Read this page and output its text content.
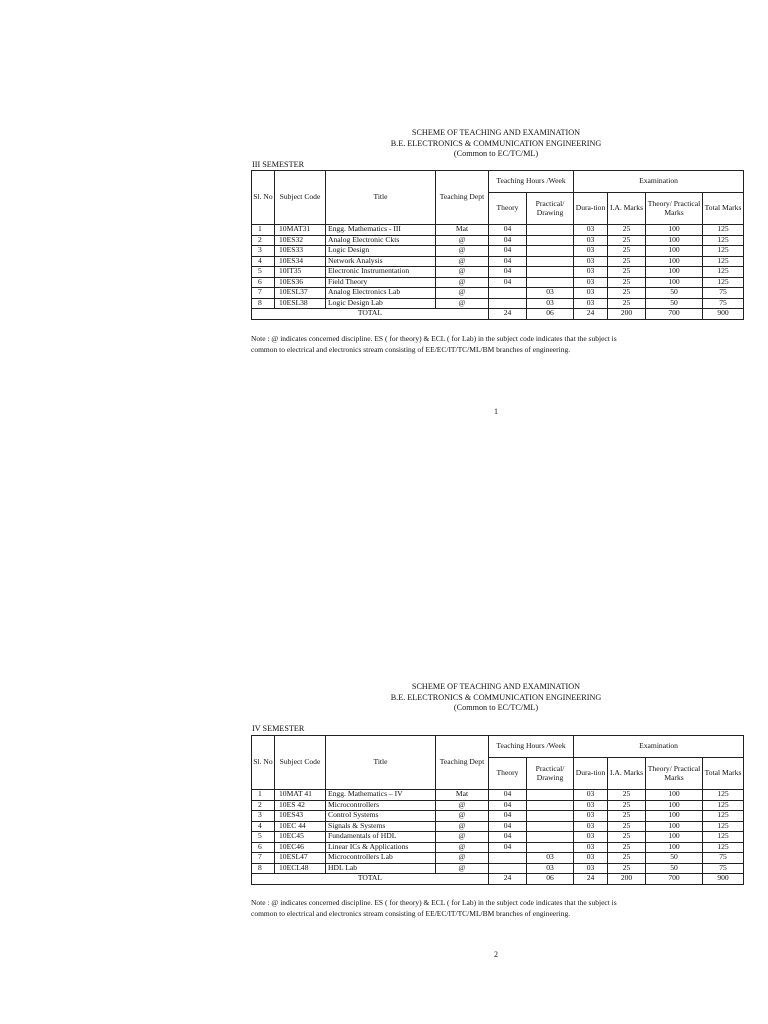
SCHEME OF TEACHING AND EXAMINATION
B.E. ELECTRONICS & COMMUNICATION ENGINEERING
(Common to EC/TC/ML)
III SEMESTER
Sl. No	Subject Code	Title	Teaching Dept	Teaching Hours /Week		Examination			
				Theory	Practical/ Drawing	Dura-tion	I.A. Marks	Theory/ Practical Marks	Total Marks
1	10MAT31	Engg. Mathematics - III	Mat	04		03	25	100	125
2	10ES32	Analog Electronic Ckts	@	04		03	25	100	125
3	10ES33	Logic Design	@	04		03	25	100	125
4	10ES34	Network Analysis	@	04		03	25	100	125
5	10IT35	Electronic Instrumentation	@	04		03	25	100	125
6	10ES36	Field Theory	@	04		03	25	100	125
7	10ESL37	Analog Electronics Lab	@		03	03	25	50	75
8	10ESL38	Logic Design Lab	@		03	03	25	50	75
TOTAL				24	06	24	200	700	900
Note : @ indicates concerned discipline. ES ( for theory) & ECL ( for Lab) in the subject code indicates that the subject is
common to electrical and electronics stream consisting of EE/EC/IT/TC/ML/BM branches of engineering.
1
SCHEME OF TEACHING AND EXAMINATION
B.E. ELECTRONICS & COMMUNICATION ENGINEERING
(Common to EC/TC/ML)
IV SEMESTER
Sl. No	Subject Code	Title	Teaching Dept	Teaching Hours /Week		Examination			
				Theory	Practical/ Drawing	Dura-tion	I.A. Marks	Theory/ Practical Marks	Total Marks
1	10MAT 41	Engg. Mathematics – IV	Mat	04		03	25	100	125
2	10ES 42	Microcontrollers	@	04		03	25	100	125
3	10ES43	Control Systems	@	04		03	25	100	125
4	10EC 44	Signals & Systems	@	04		03	25	100	125
5	10EC45	Fundamentals of HDL	@	04		03	25	100	125
6	10EC46	Linear ICs & Applications	@	04		03	25	100	125
7	10ESL47	Microcontrollers Lab	@		03	03	25	50	75
8	10ECL48	HDL Lab	@		03	03	25	50	75
TOTAL				24	06	24	200	700	900
Note : @ indicates concerned discipline. ES ( for theory) & ECL ( for Lab) in the subject code indicates that the subject is
common to electrical and electronics stream consisting of EE/EC/IT/TC/ML/BM branches of engineering.
2
